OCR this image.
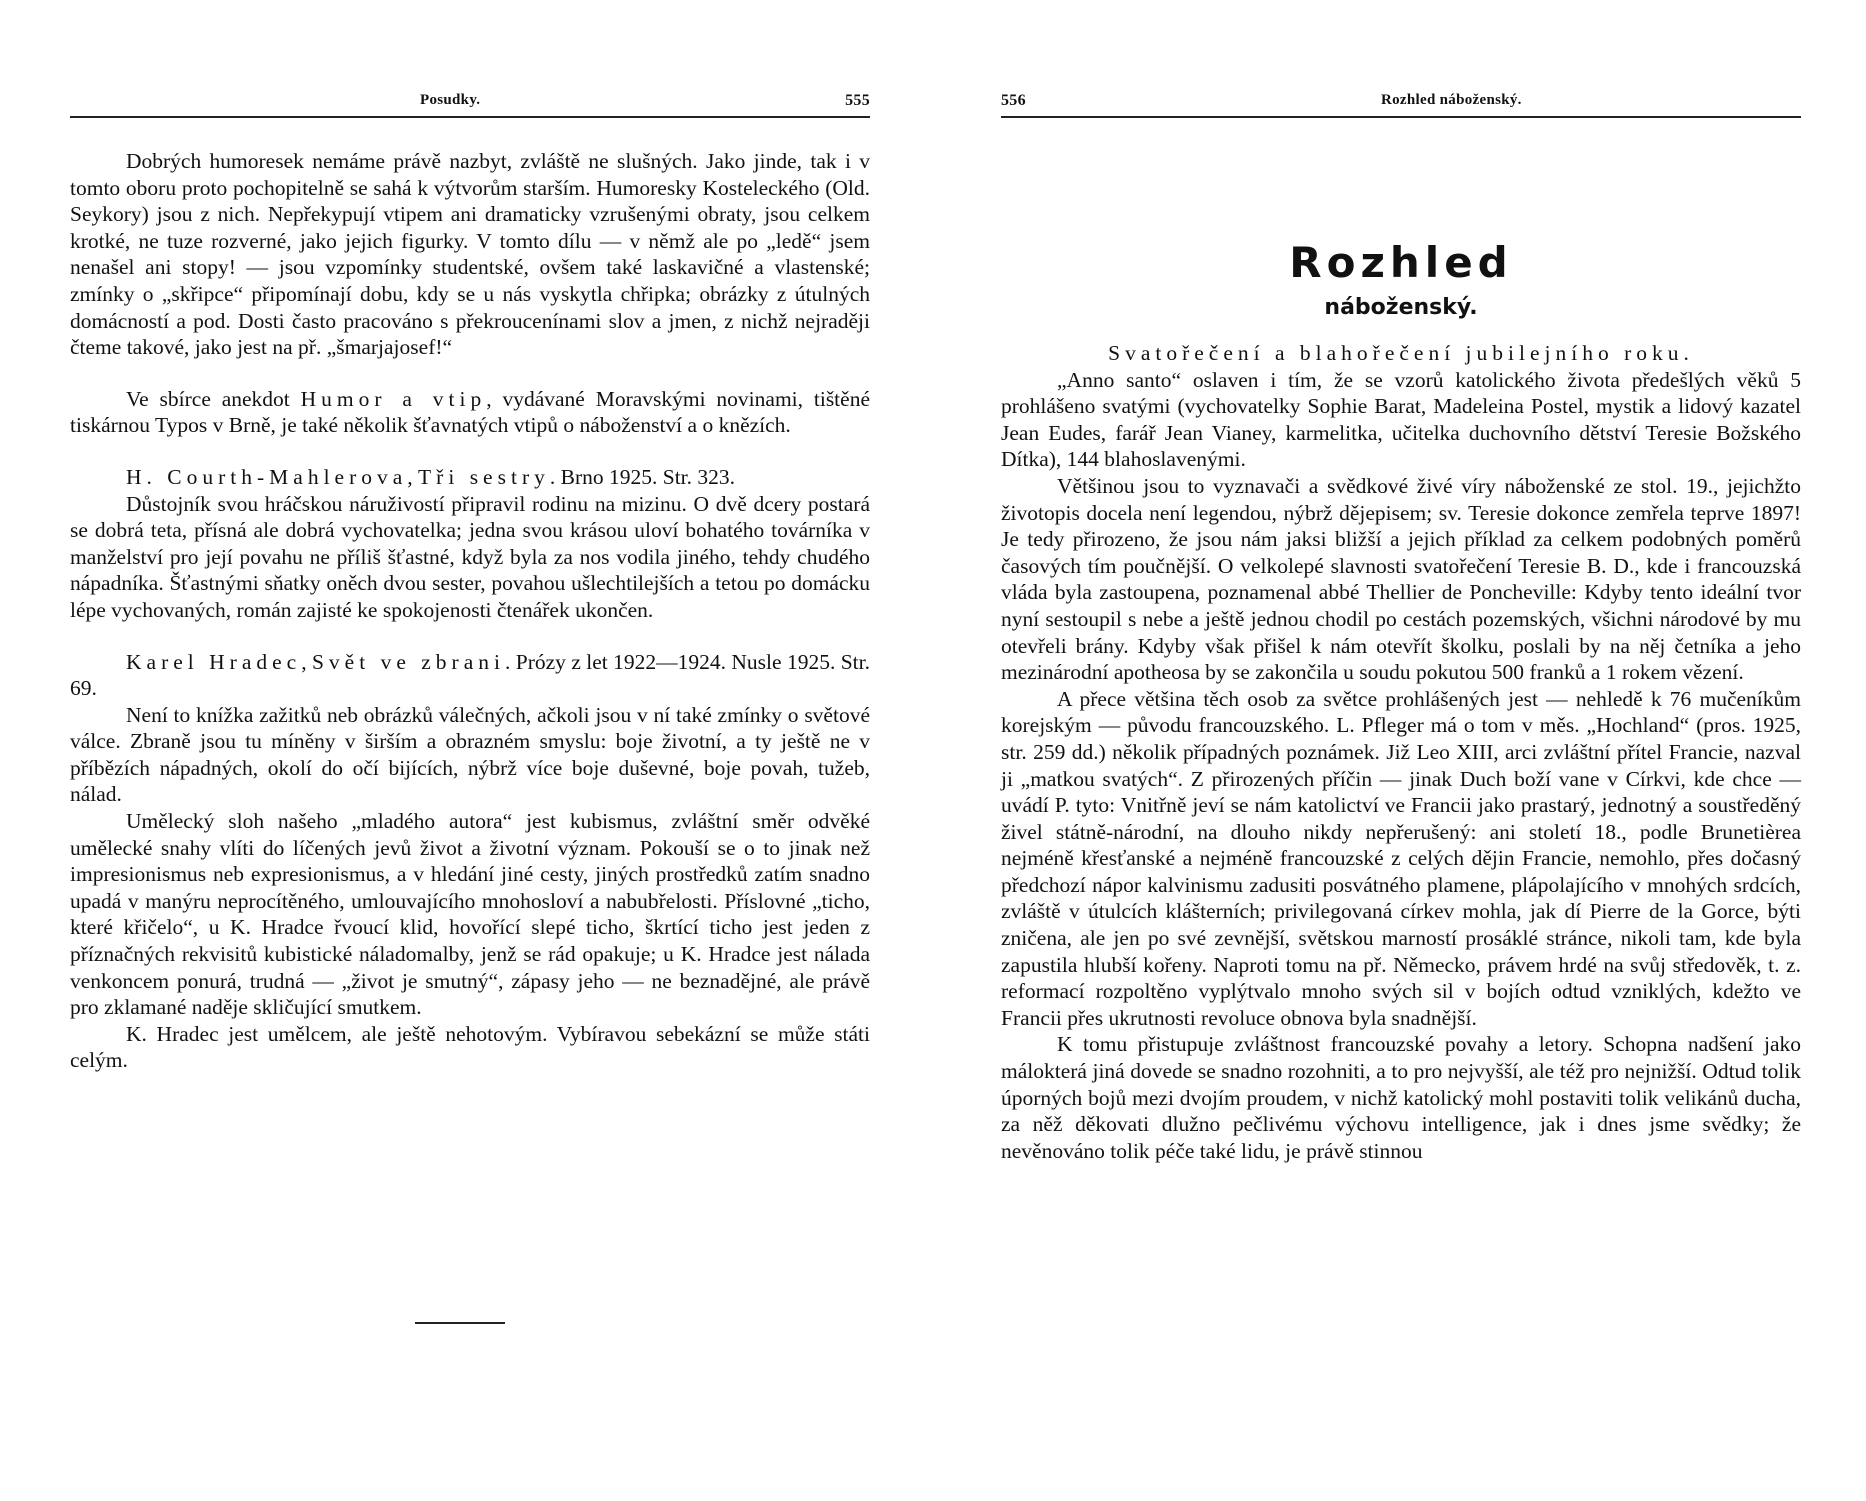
Posudky.	555

Dobrých humoresek nemáme právě nazbyt, zvláště ne slušných. Jako jinde, tak i v tomto oboru proto pochopitelně se sahá k výtvorům starším. Humoresky Kosteleckého (Old. Seykory) jsou z nich. Nepřekypují vtipem ani dramaticky vzrušenými obraty, jsou celkem krotké, ne tuze rozverné, jako jejich figurky. V tomto dílu — v němž ale po „ledě“ jsem nenašel ani stopy! — jsou vzpomínky studentské, ovšem také laskavičné a vlastenské; zmínky o „skřipce“ připomínají dobu, kdy se u nás vyskytla chřipka; obrázky z útulných domácností a pod. Dosti často pracováno s překroucenínami slov a jmen, z nichž nejraději čteme takové, jako jest na př. „šmarjajosef!“

Ve sbírce anekdot Humor a vtip, vydávané Moravskými novinami, tištěné tiskárnou Typos v Brně, je také několik šťavnatých vtipů o náboženství a o knězích.

H. Courth-Mahlerova, Tři sestry. Brno 1925. Str. 323.

Důstojník svou hráčskou náruživostí připravil rodinu na mizinu. O dvě dcery postará se dobrá teta, přísná ale dobrá vychovatelka; jedna svou krásou uloví bohatého továrníka v manželství pro její povahu ne příliš šťastné, když byla za nos vodila jiného, tehdy chudého nápadníka. Šťastnými sňatky oněch dvou sester, povahou ušlechtilejších a tetou po domácku lépe vychovaných, román zajisté ke spokojenosti čtenářek ukončen.

Karel Hradec, Svět ve zbrani. Prózy z let 1922—1924. Nusle 1925. Str. 69.

Není to knížka zažitků neb obrázků válečných, ačkoli jsou v ní také zmínky o světové válce. Zbraně jsou tu míněny v širším a obrazném smyslu: boje životní, a ty ještě ne v příbězích nápadných, okolí do očí bijících, nýbrž více boje duševné, boje povah, tužeb, nálad.

Umělecký sloh našeho „mladého autora“ jest kubismus, zvláštní směr odvěké umělecké snahy vlíti do líčených jevů život a životní význam. Pokouší se o to jinak než impresionismus neb expresionismus, a v hledání jiné cesty, jiných prostředků zatím snadno upadá v manýru neprocítěného, umlouvajícího mnohosloví a nabubřelosti. Příslovné „ticho, které křičelo“, u K. Hradce řvoucí klid, hovořící slepé ticho, škrtící ticho jest jeden z příznačných rekvisitů kubistické náladomalby, jenž se rád opakuje; u K. Hradce jest nálada venkoncem ponurá, trudná — „život je smutný“, zápasy jeho — ne beznadějné, ale právě pro zklamané naděje skličující smutkem.

K. Hradec jest umělcem, ale ještě nehotovým. Vybíravou sebekázní se může státi celým.

556	Rozhled náboženský.
Rozhled
náboženský.

Svatořečení a blahořečení jubilejního roku.

„Anno santo“ oslaven i tím, že se vzorů katolického života předešlých věků 5 prohlášeno svatými (vychovatelky Sophie Barat, Madeleina Postel, mystik a lidový kazatel Jean Eudes, farář Jean Vianey, karmelitka, učitelka duchovního dětství Teresie Božského Dítka), 144 blahoslavenými.

Většinou jsou to vyznavači a svědkové živé víry náboženské ze stol. 19., jejichžto životopis docela není legendou, nýbrž dějepisem; sv. Teresie dokonce zemřela teprve 1897! Je tedy přirozeno, že jsou nám jaksi bližší a jejich příklad za celkem podobných poměrů časových tím poučnější. O velkolepé slavnosti svatořečení Teresie B. D., kde i francouzská vláda byla zastoupena, poznamenal abbé Thellier de Poncheville: Kdyby tento ideální tvor nyní sestoupil s nebe a ještě jednou chodil po cestách pozemských, všichni národové by mu otevřeli brány. Kdyby však přišel k nám otevřít školku, poslali by na něj četníka a jeho mezinárodní apotheosa by se zakončila u soudu pokutou 500 franků a 1 rokem vězení.

A přece většina těch osob za světce prohlášených jest — nehledě k 76 mučeníkům korejským — původu francouzského. L. Pfleger má o tom v měs. „Hochland“ (pros. 1925, str. 259 dd.) několik případných poznámek. Již Leo XIII, arci zvláštní přítel Francie, nazval ji „matkou svatých“. Z přirozených příčin — jinak Duch boží vane v Církvi, kde chce — uvádí P. tyto: Vnitřně jeví se nám katolictví ve Francii jako prastarý, jednotný a soustředěný živel státně-národní, na dlouho nikdy nepřerušený: ani století 18., podle Brunetièrea nejméně křesťanské a nejméně francouzské z celých dějin Francie, nemohlo, přes dočasný předchozí nápor kalvinismu zadusiti posvátného plamene, plápolajícího v mnohých srdcích, zvláště v útulcích klášterních; privilegovaná církev mohla, jak dí Pierre de la Gorce, býti zničena, ale jen po své zevnější, světskou marností prosáklé stránce, nikoli tam, kde byla zapustila hlubší kořeny. Naproti tomu na př. Německo, právem hrdé na svůj středověk, t. z. reformací rozpoltěno vyplýtvalo mnoho svých sil v bojích odtud vzniklých, kdežto ve Francii přes ukrutnosti revoluce obnova byla snadnější.

K tomu přistupuje zvláštnost francouzské povahy a letory. Schopna nadšení jako málokterá jiná dovede se snadno rozohniti, a to pro nejvyšší, ale též pro nejnižší. Odtud tolik úporných bojů mezi dvojím proudem, v nichž katolický mohl postaviti tolik velikánů ducha, za něž děkovati dlužno pečlivému výchovu intelligence, jak i dnes jsme svědky; že nevěnováno tolik péče také lidu, je právě stinnou
